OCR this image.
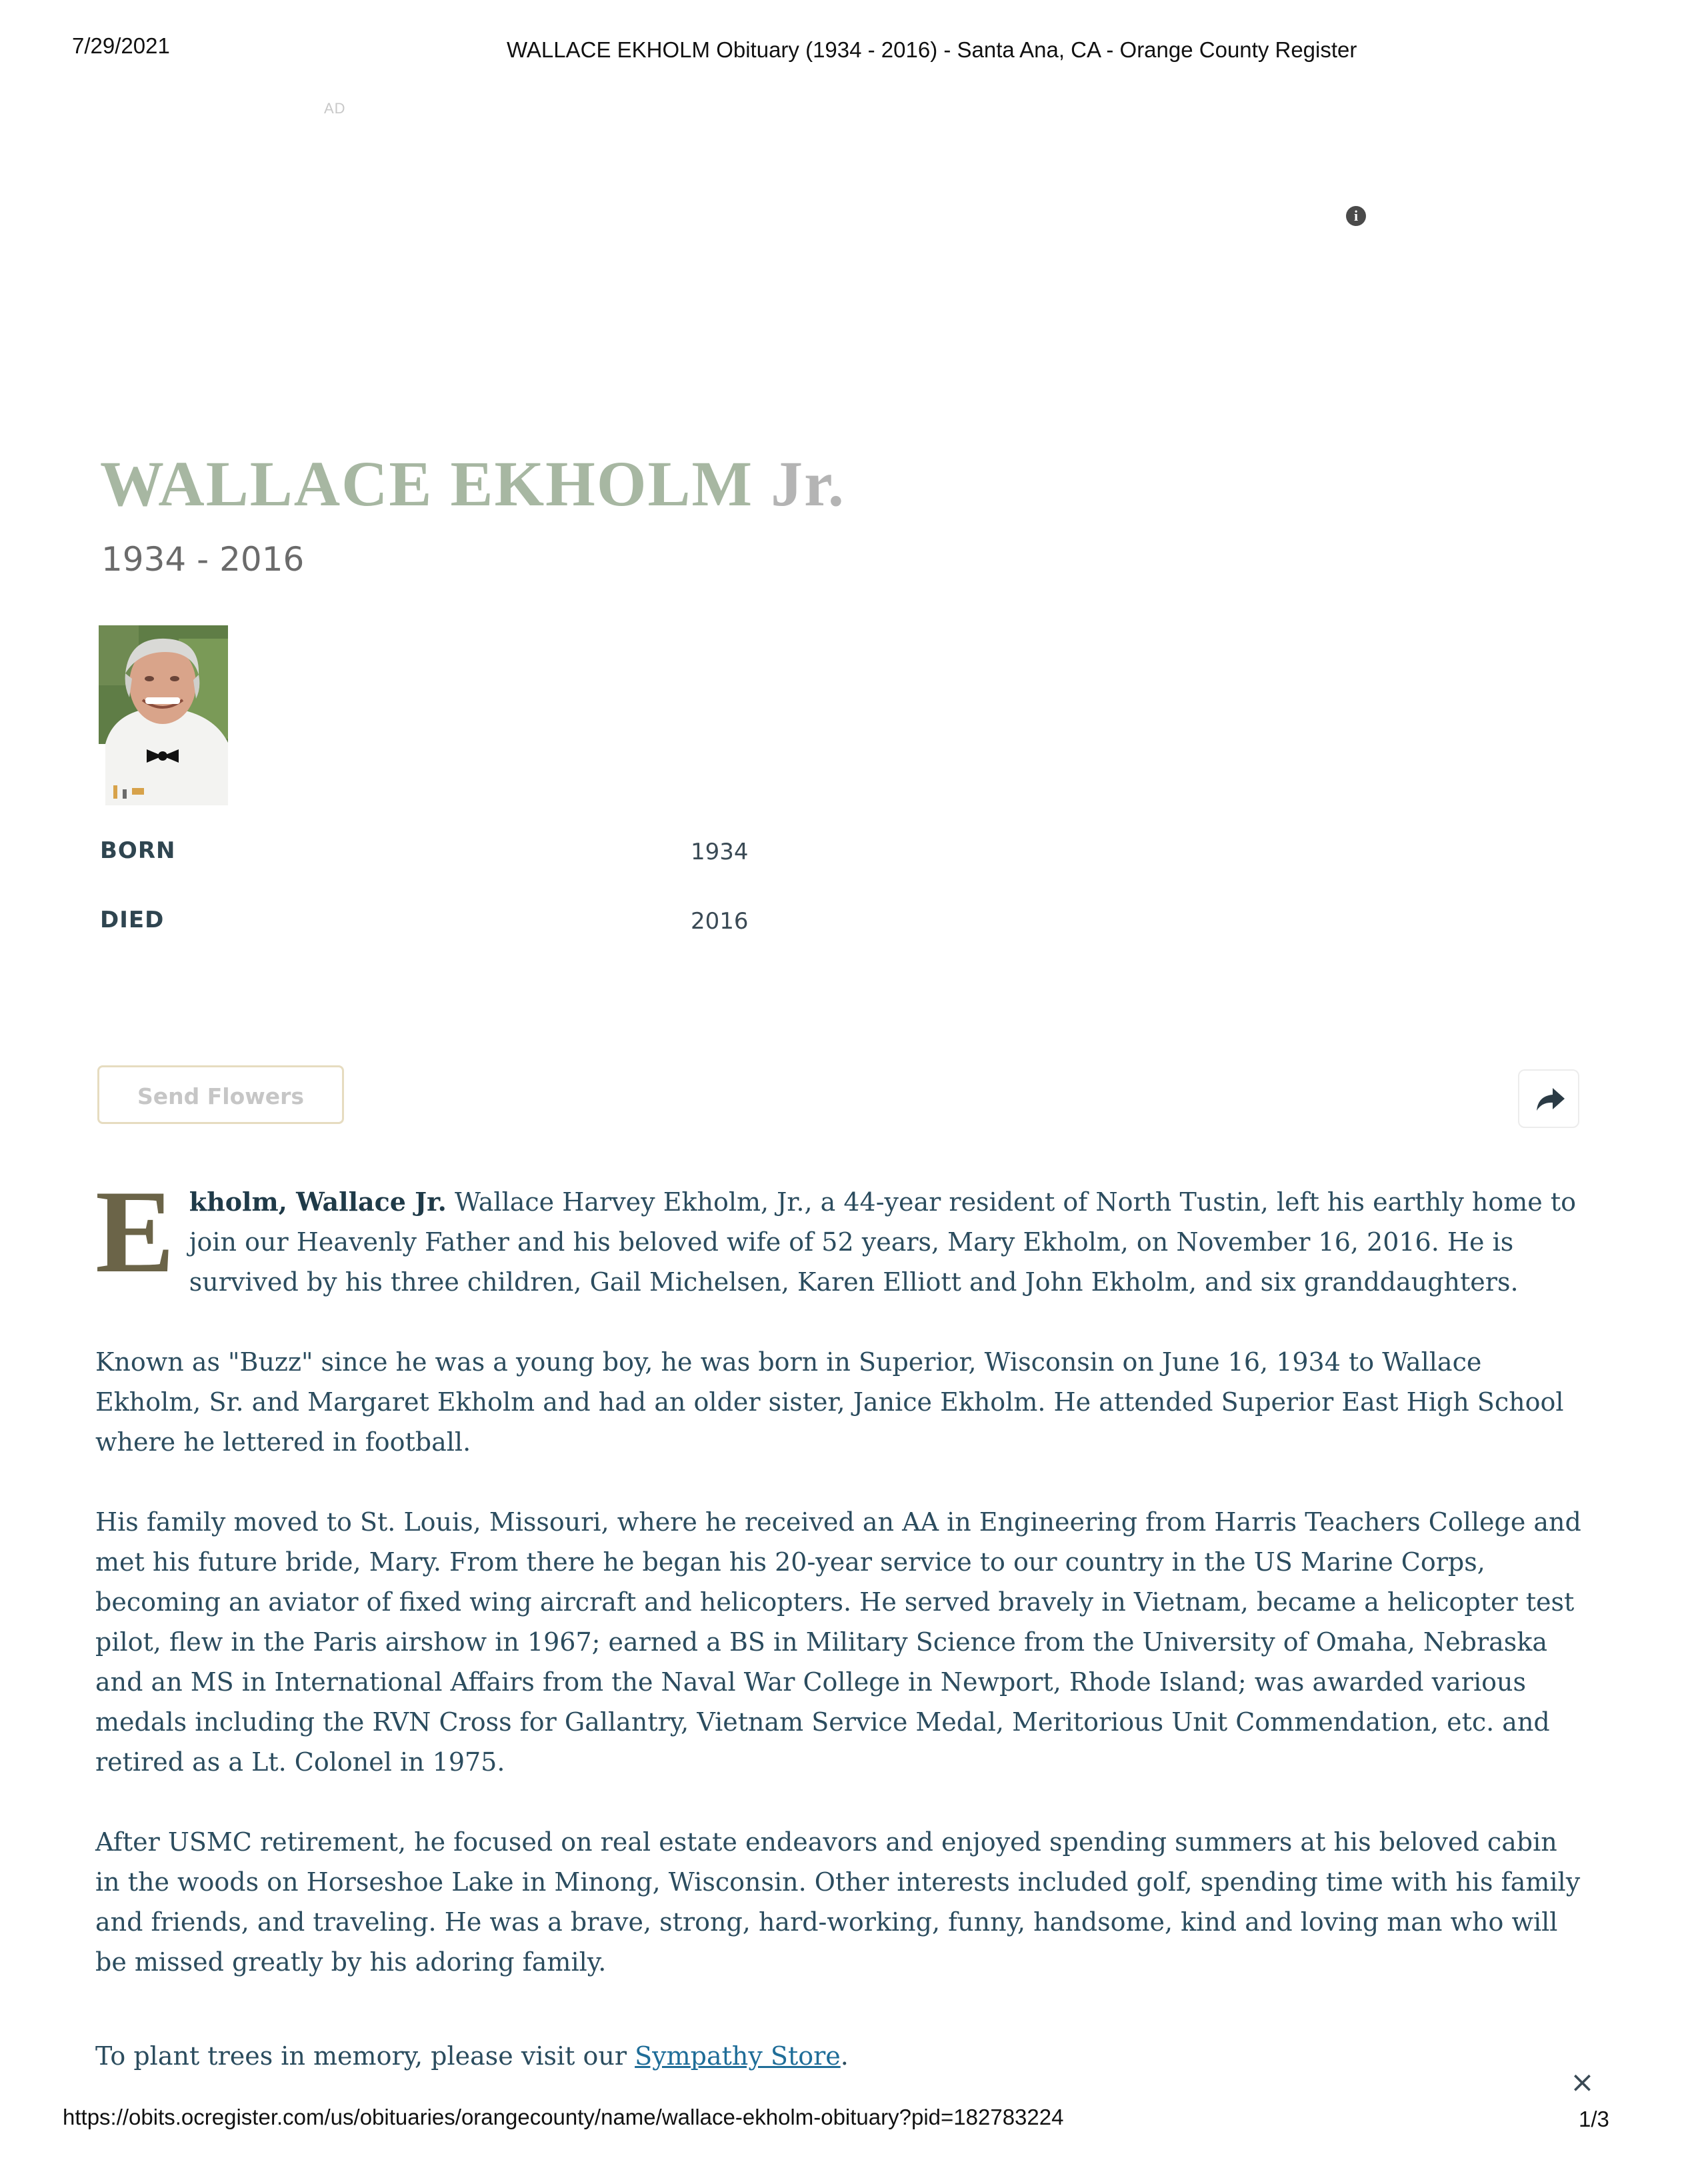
7/29/2021	WALLACE EKHOLM Obituary (1934 - 2016) - Santa Ana, CA - Orange County Register
AD
i
WALLACE EKHOLM Jr.
1934 - 2016
BORN	1934
DIED	2016
Send Flowers

Ekholm, Wallace Jr. Wallace Harvey Ekholm, Jr., a 44-year resident of North Tustin, left his earthly home to join our Heavenly Father and his beloved wife of 52 years, Mary Ekholm, on November 16, 2016. He is survived by his three children, Gail Michelsen, Karen Elliott and John Ekholm, and six granddaughters.

Known as "Buzz" since he was a young boy, he was born in Superior, Wisconsin on June 16, 1934 to Wallace Ekholm, Sr. and Margaret Ekholm and had an older sister, Janice Ekholm. He attended Superior East High School where he lettered in football.

His family moved to St. Louis, Missouri, where he received an AA in Engineering from Harris Teachers College and met his future bride, Mary. From there he began his 20-year service to our country in the US Marine Corps, becoming an aviator of fixed wing aircraft and helicopters. He served bravely in Vietnam, became a helicopter test pilot, flew in the Paris airshow in 1967; earned a BS in Military Science from the University of Omaha, Nebraska and an MS in International Affairs from the Naval War College in Newport, Rhode Island; was awarded various medals including the RVN Cross for Gallantry, Vietnam Service Medal, Meritorious Unit Commendation, etc. and retired as a Lt. Colonel in 1975.

After USMC retirement, he focused on real estate endeavors and enjoyed spending summers at his beloved cabin in the woods on Horseshoe Lake in Minong, Wisconsin. Other interests included golf, spending time with his family and friends, and traveling. He was a brave, strong, hard-working, funny, handsome, kind and loving man who will be missed greatly by his adoring family.

To plant trees in memory, please visit our Sympathy Store.
×
https://obits.ocregister.com/us/obituaries/orangecounty/name/wallace-ekholm-obituary?pid=182783224	1/3
